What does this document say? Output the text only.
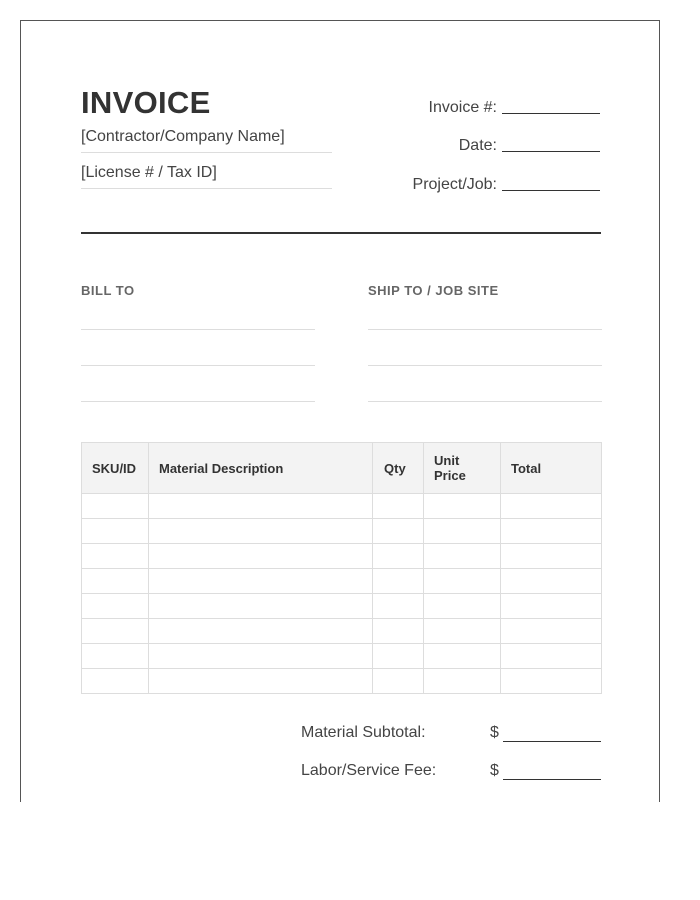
INVOICE
[Contractor/Company Name]
[License # / Tax ID]
Invoice #:
Date:
Project/Job:
BILL TO	SHIP TO / JOB SITE
SKU/ID	Material Description	Qty	Unit Price	Total

Material Subtotal:	$
Labor/Service Fee:	$
